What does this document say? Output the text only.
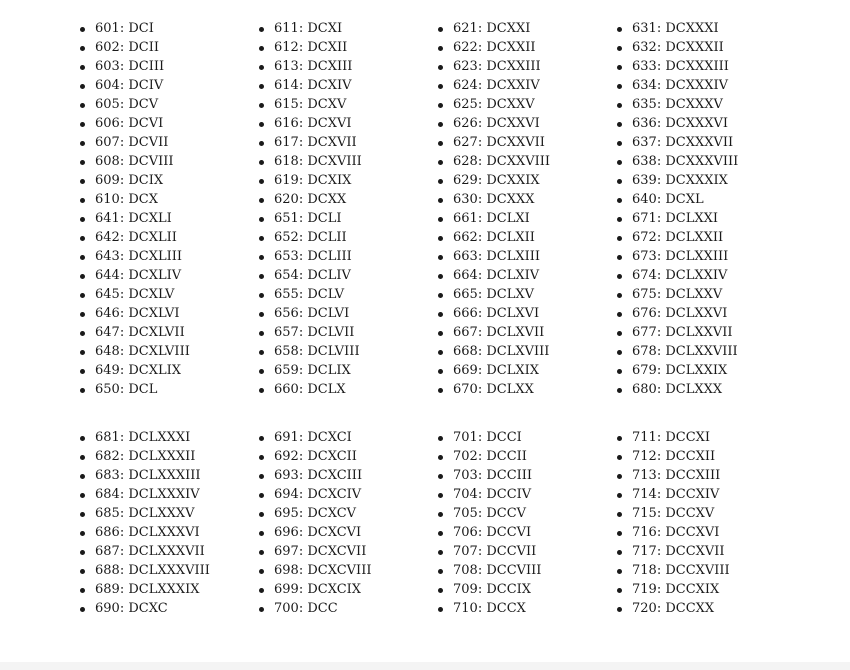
601: DCI
602: DCII
603: DCIII
604: DCIV
605: DCV
606: DCVI
607: DCVII
608: DCVIII
609: DCIX
610: DCX
611: DCXI
612: DCXII
613: DCXIII
614: DCXIV
615: DCXV
616: DCXVI
617: DCXVII
618: DCXVIII
619: DCXIX
620: DCXX
621: DCXXI
622: DCXXII
623: DCXXIII
624: DCXXIV
625: DCXXV
626: DCXXVI
627: DCXXVII
628: DCXXVIII
629: DCXXIX
630: DCXXX
631: DCXXXI
632: DCXXXII
633: DCXXXIII
634: DCXXXIV
635: DCXXXV
636: DCXXXVI
637: DCXXXVII
638: DCXXXVIII
639: DCXXXIX
640: DCXL
641: DCXLI
642: DCXLII
643: DCXLIII
644: DCXLIV
645: DCXLV
646: DCXLVI
647: DCXLVII
648: DCXLVIII
649: DCXLIX
650: DCL
651: DCLI
652: DCLII
653: DCLIII
654: DCLIV
655: DCLV
656: DCLVI
657: DCLVII
658: DCLVIII
659: DCLIX
660: DCLX
661: DCLXI
662: DCLXII
663: DCLXIII
664: DCLXIV
665: DCLXV
666: DCLXVI
667: DCLXVII
668: DCLXVIII
669: DCLXIX
670: DCLXX
671: DCLXXI
672: DCLXXII
673: DCLXXIII
674: DCLXXIV
675: DCLXXV
676: DCLXXVI
677: DCLXXVII
678: DCLXXVIII
679: DCLXXIX
680: DCLXXX
681: DCLXXXI
682: DCLXXXII
683: DCLXXXIII
684: DCLXXXIV
685: DCLXXXV
686: DCLXXXVI
687: DCLXXXVII
688: DCLXXXVIII
689: DCLXXXIX
690: DCXC
691: DCXCI
692: DCXCII
693: DCXCIII
694: DCXCIV
695: DCXCV
696: DCXCVI
697: DCXCVII
698: DCXCVIII
699: DCXCIX
700: DCC
701: DCCI
702: DCCII
703: DCCIII
704: DCCIV
705: DCCV
706: DCCVI
707: DCCVII
708: DCCVIII
709: DCCIX
710: DCCX
711: DCCXI
712: DCCXII
713: DCCXIII
714: DCCXIV
715: DCCXV
716: DCCXVI
717: DCCXVII
718: DCCXVIII
719: DCCXIX
720: DCCXX
